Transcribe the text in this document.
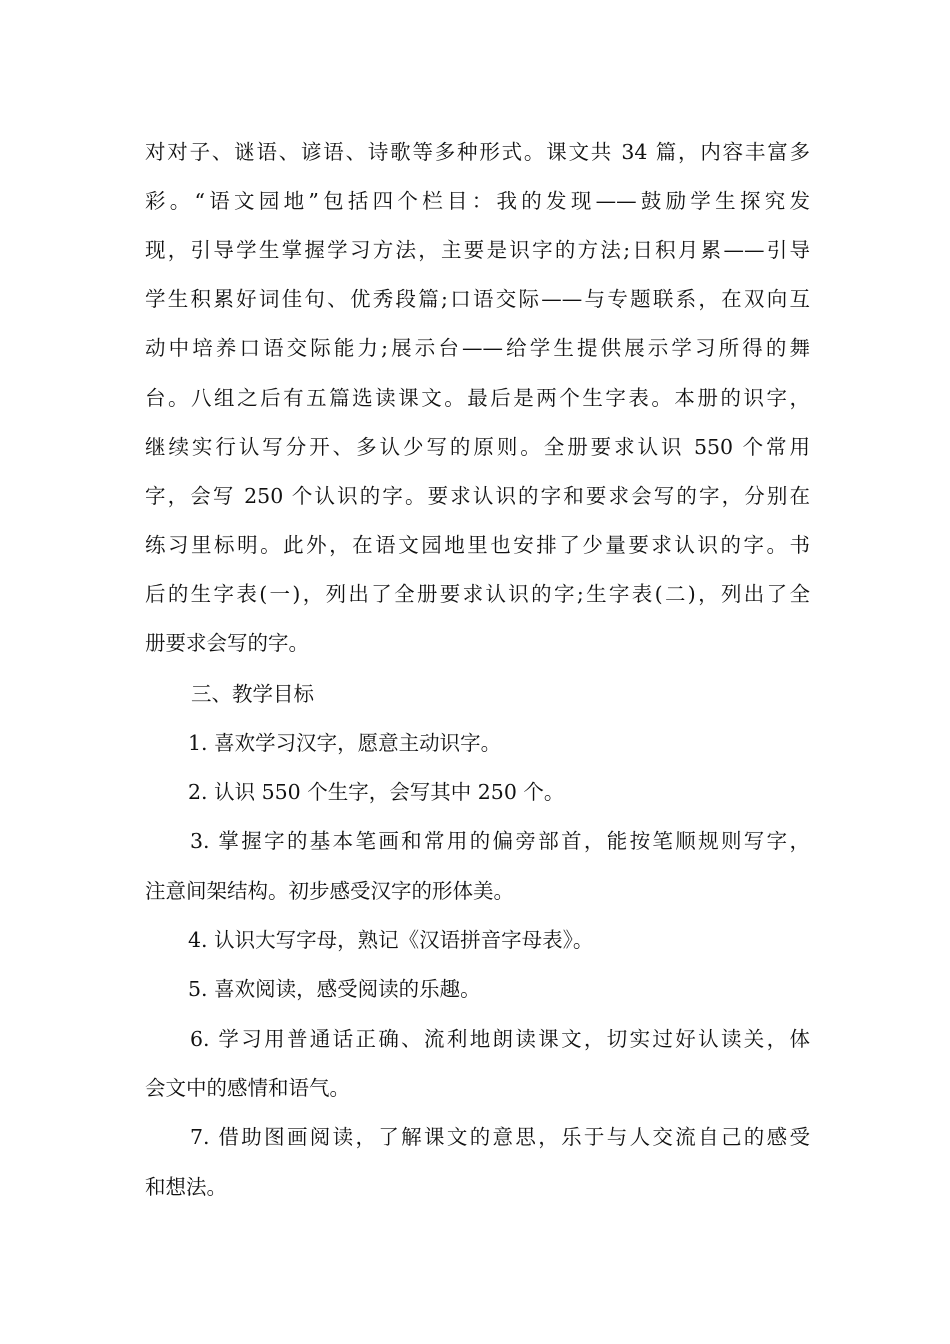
对对子、谜语、谚语、诗歌等多种形式。课文共 34 篇，内容丰富多
彩。“语文园地”包括四个栏目：我的发现——鼓励学生探究发
现，引导学生掌握学习方法，主要是识字的方法;日积月累——引导
学生积累好词佳句、优秀段篇;口语交际——与专题联系，在双向互
动中培养口语交际能力;展示台——给学生提供展示学习所得的舞
台。八组之后有五篇选读课文。最后是两个生字表。本册的识字，
继续实行认写分开、多认少写的原则。全册要求认识 550 个常用
字，会写 250 个认识的字。要求认识的字和要求会写的字，分别在
练习里标明。此外，在语文园地里也安排了少量要求认识的字。书
后的生字表(一)，列出了全册要求认识的字;生字表(二)，列出了全
册要求会写的字。
三、教学目标
1. 喜欢学习汉字，愿意主动识字。
2. 认识 550 个生字，会写其中 250 个。
3. 掌握字的基本笔画和常用的偏旁部首，能按笔顺规则写字，
注意间架结构。初步感受汉字的形体美。
4. 认识大写字母，熟记《汉语拼音字母表》。
5. 喜欢阅读，感受阅读的乐趣。
6. 学习用普通话正确、流利地朗读课文，切实过好认读关，体
会文中的感情和语气。
7. 借助图画阅读，了解课文的意思，乐于与人交流自己的感受
和想法。
